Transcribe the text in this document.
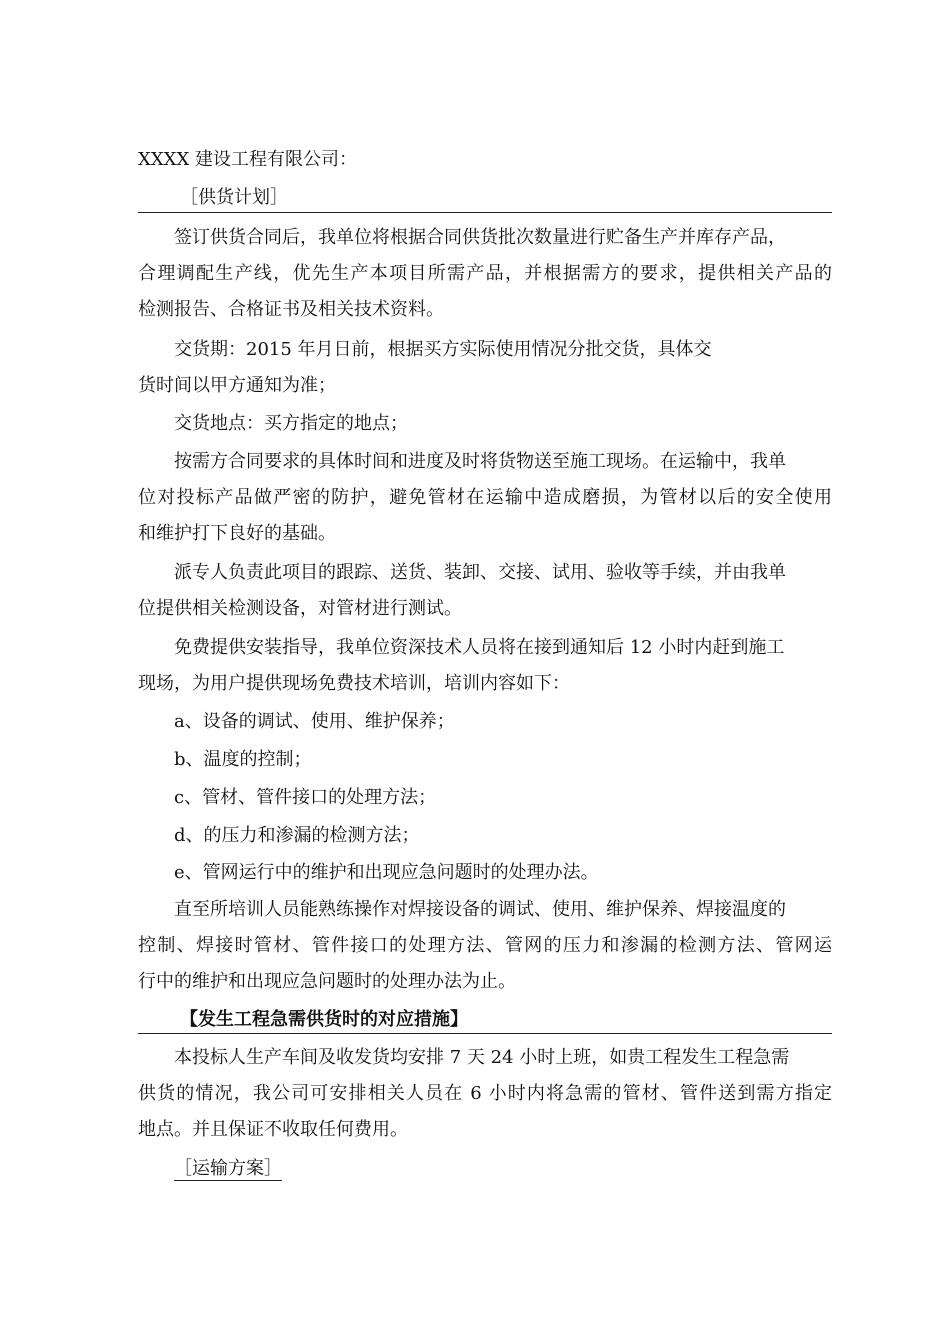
XXXX 建设工程有限公司：
［供货计划］
签订供货合同后，我单位将根据合同供货批次数量进行贮备生产并库存产品，
合理调配生产线，优先生产本项目所需产品，并根据需方的要求，提供相关产品的
检测报告、合格证书及相关技术资料。
交货期：2015 年月日前，根据买方实际使用情况分批交货，具体交
货时间以甲方通知为准；
交货地点：买方指定的地点；
按需方合同要求的具体时间和进度及时将货物送至施工现场。在运输中，我单
位对投标产品做严密的防护，避免管材在运输中造成磨损，为管材以后的安全使用
和维护打下良好的基础。
派专人负责此项目的跟踪、送货、装卸、交接、试用、验收等手续，并由我单
位提供相关检测设备，对管材进行测试。
免费提供安装指导，我单位资深技术人员将在接到通知后 12 小时内赶到施工
现场，为用户提供现场免费技术培训，培训内容如下：
a、设备的调试、使用、维护保养；
b、温度的控制；
c、管材、管件接口的处理方法；
d、的压力和渗漏的检测方法；
e、管网运行中的维护和出现应急问题时的处理办法。
直至所培训人员能熟练操作对焊接设备的调试、使用、维护保养、焊接温度的
控制、焊接时管材、管件接口的处理方法、管网的压力和渗漏的检测方法、管网运
行中的维护和出现应急问题时的处理办法为止。
【发生工程急需供货时的对应措施】
本投标人生产车间及收发货均安排 7 天 24 小时上班，如贵工程发生工程急需
供货的情况，我公司可安排相关人员在 6 小时内将急需的管材、管件送到需方指定
地点。并且保证不收取任何费用。
［运输方案］
